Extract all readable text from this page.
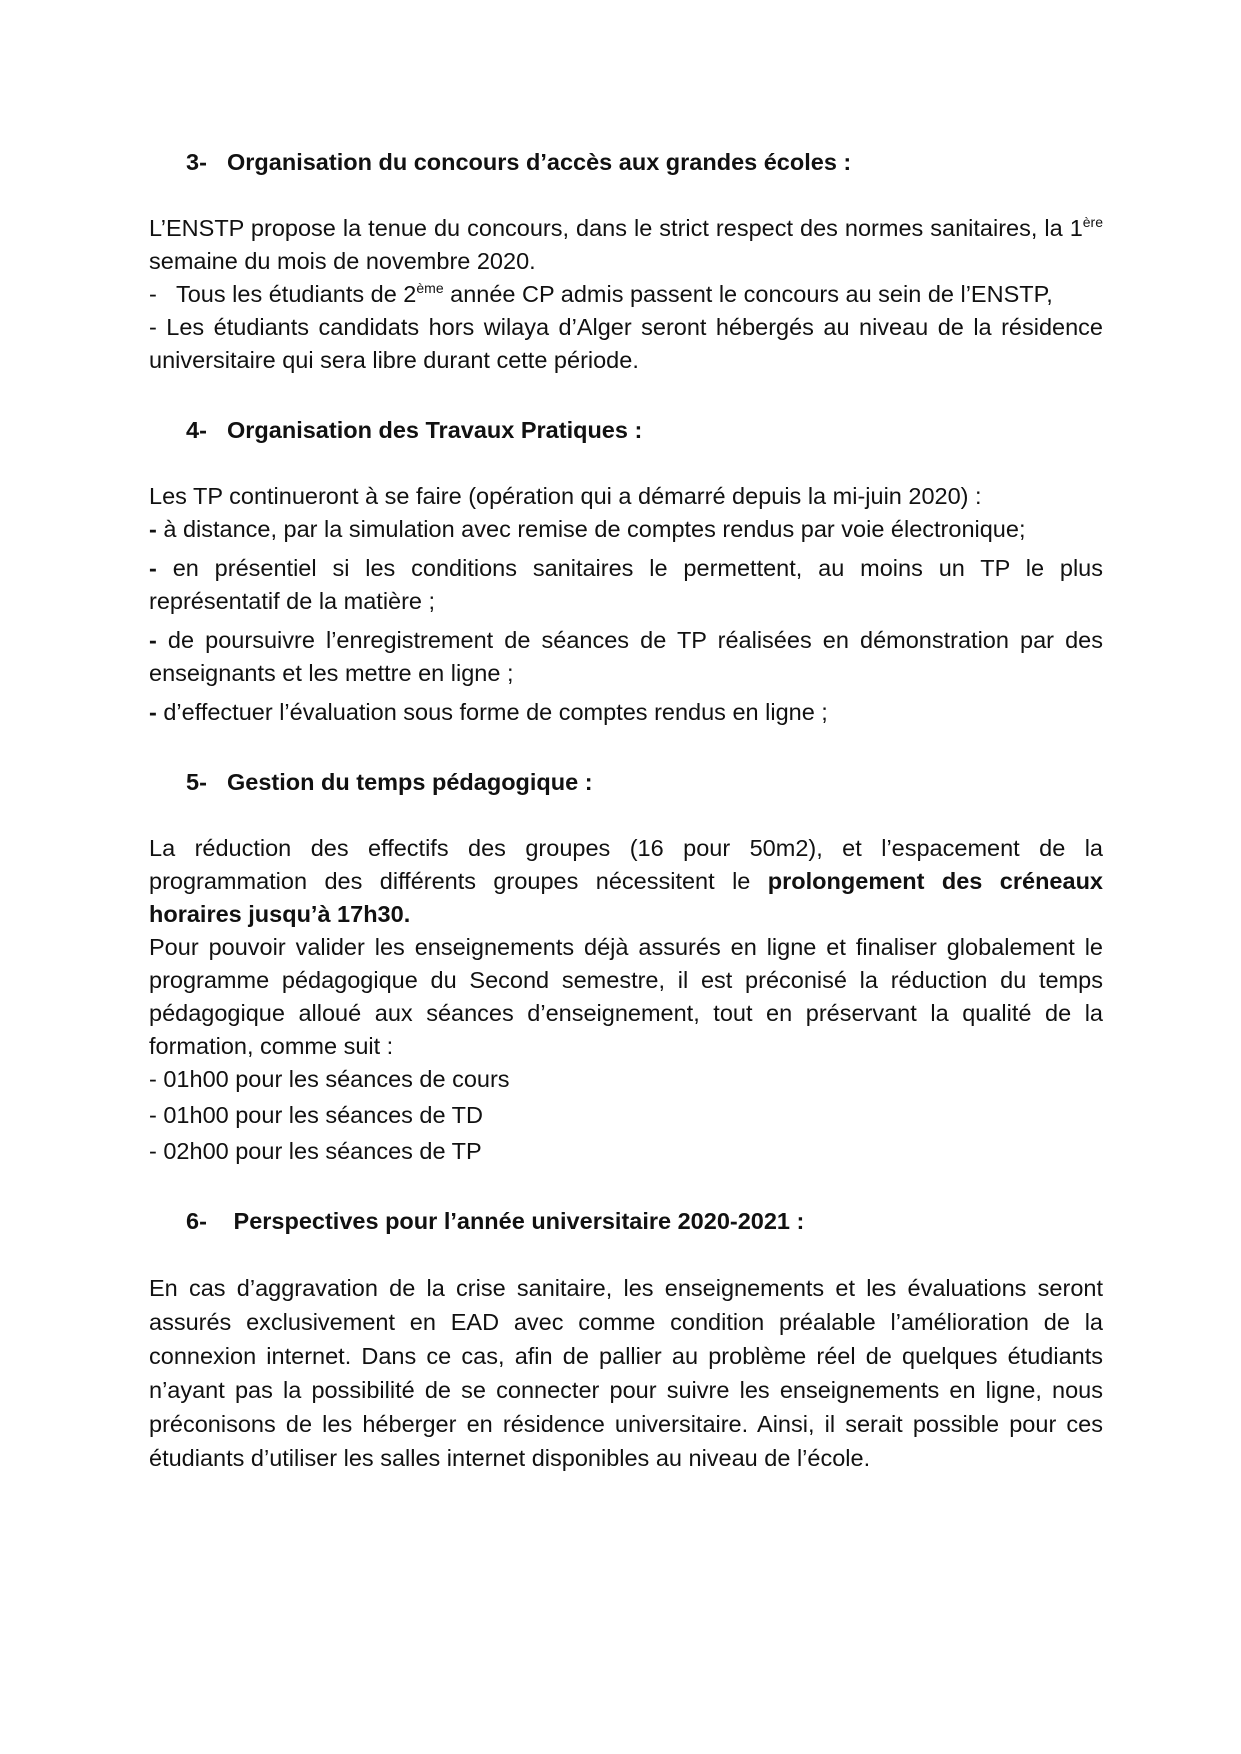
3- Organisation du concours d’accès aux grandes écoles :

L’ENSTP propose la tenue du concours, dans le strict respect des normes sanitaires, la 1ère semaine du mois de novembre 2020.

-   Tous les étudiants de 2ème année CP admis passent le concours au sein de l’ENSTP,

- Les étudiants candidats hors wilaya d’Alger seront hébergés au niveau de la résidence universitaire qui sera libre durant cette période.

4- Organisation des Travaux Pratiques :

Les TP continueront à se faire (opération qui a démarré depuis la mi-juin 2020) :

- à distance, par la simulation avec remise de comptes rendus par voie électronique;

- en présentiel si les conditions sanitaires le permettent, au moins un TP le plus représentatif de la matière ;

- de poursuivre l’enregistrement de séances de TP réalisées en démonstration par des enseignants et les mettre en ligne ;

- d’effectuer l’évaluation sous forme de comptes rendus en ligne ;

5- Gestion du temps pédagogique :

La réduction des effectifs des groupes (16 pour 50m2), et l’espacement de la programmation des différents groupes nécessitent le prolongement des créneaux horaires jusqu’à 17h30.

Pour pouvoir valider les enseignements déjà assurés en ligne et finaliser globalement le programme pédagogique du Second semestre, il est préconisé la réduction du temps pédagogique alloué aux séances d’enseignement, tout en préservant la qualité de la formation, comme suit :

- 01h00 pour les séances de cours

- 01h00 pour les séances de TD

- 02h00 pour les séances de TP

6- Perspectives pour l’année universitaire 2020-2021 :

En cas d’aggravation de la crise sanitaire, les enseignements et les évaluations seront assurés exclusivement en EAD avec comme condition préalable l’amélioration de la connexion internet. Dans ce cas, afin de pallier au problème réel de quelques étudiants n’ayant pas la possibilité de se connecter pour suivre les enseignements en ligne, nous préconisons de les héberger en résidence universitaire. Ainsi, il serait possible pour ces étudiants d’utiliser les salles internet disponibles au niveau de l’école.
